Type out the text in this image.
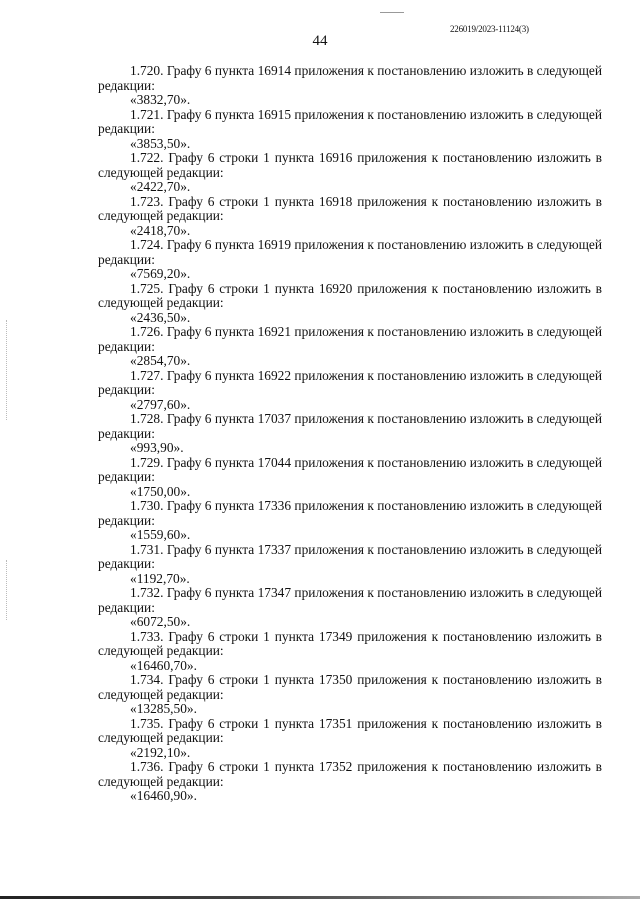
44
226019/2023-11124(3)

1.720. Графу 6 пункта 16914 приложения к постановлению изложить в следующей редакции:

«3832,70».

1.721. Графу 6 пункта 16915 приложения к постановлению изложить в следующей редакции:

«3853,50».

1.722. Графу 6 строки 1 пункта 16916 приложения к постановлению изложить в следующей редакции:

«2422,70».

1.723. Графу 6 строки 1 пункта 16918 приложения к постановлению изложить в следующей редакции:

«2418,70».

1.724. Графу 6 пункта 16919 приложения к постановлению изложить в следующей редакции:

«7569,20».

1.725. Графу 6 строки 1 пункта 16920 приложения к постановлению изложить в следующей редакции:

«2436,50».

1.726. Графу 6 пункта 16921 приложения к постановлению изложить в следующей редакции:

«2854,70».

1.727. Графу 6 пункта 16922 приложения к постановлению изложить в следующей редакции:

«2797,60».

1.728. Графу 6 пункта 17037 приложения к постановлению изложить в следующей редакции:

«993,90».

1.729. Графу 6 пункта 17044 приложения к постановлению изложить в следующей редакции:

«1750,00».

1.730. Графу 6 пункта 17336 приложения к постановлению изложить в следующей редакции:

«1559,60».

1.731. Графу 6 пункта 17337 приложения к постановлению изложить в следующей редакции:

«1192,70».

1.732. Графу 6 пункта 17347 приложения к постановлению изложить в следующей редакции:

«6072,50».

1.733. Графу 6 строки 1 пункта 17349 приложения к постановлению изложить в следующей редакции:

«16460,70».

1.734. Графу 6 строки 1 пункта 17350 приложения к постановлению изложить в следующей редакции:

«13285,50».

1.735. Графу 6 строки 1 пункта 17351 приложения к постановлению изложить в следующей редакции:

«2192,10».

1.736. Графу 6 строки 1 пункта 17352 приложения к постановлению изложить в следующей редакции:

«16460,90».
